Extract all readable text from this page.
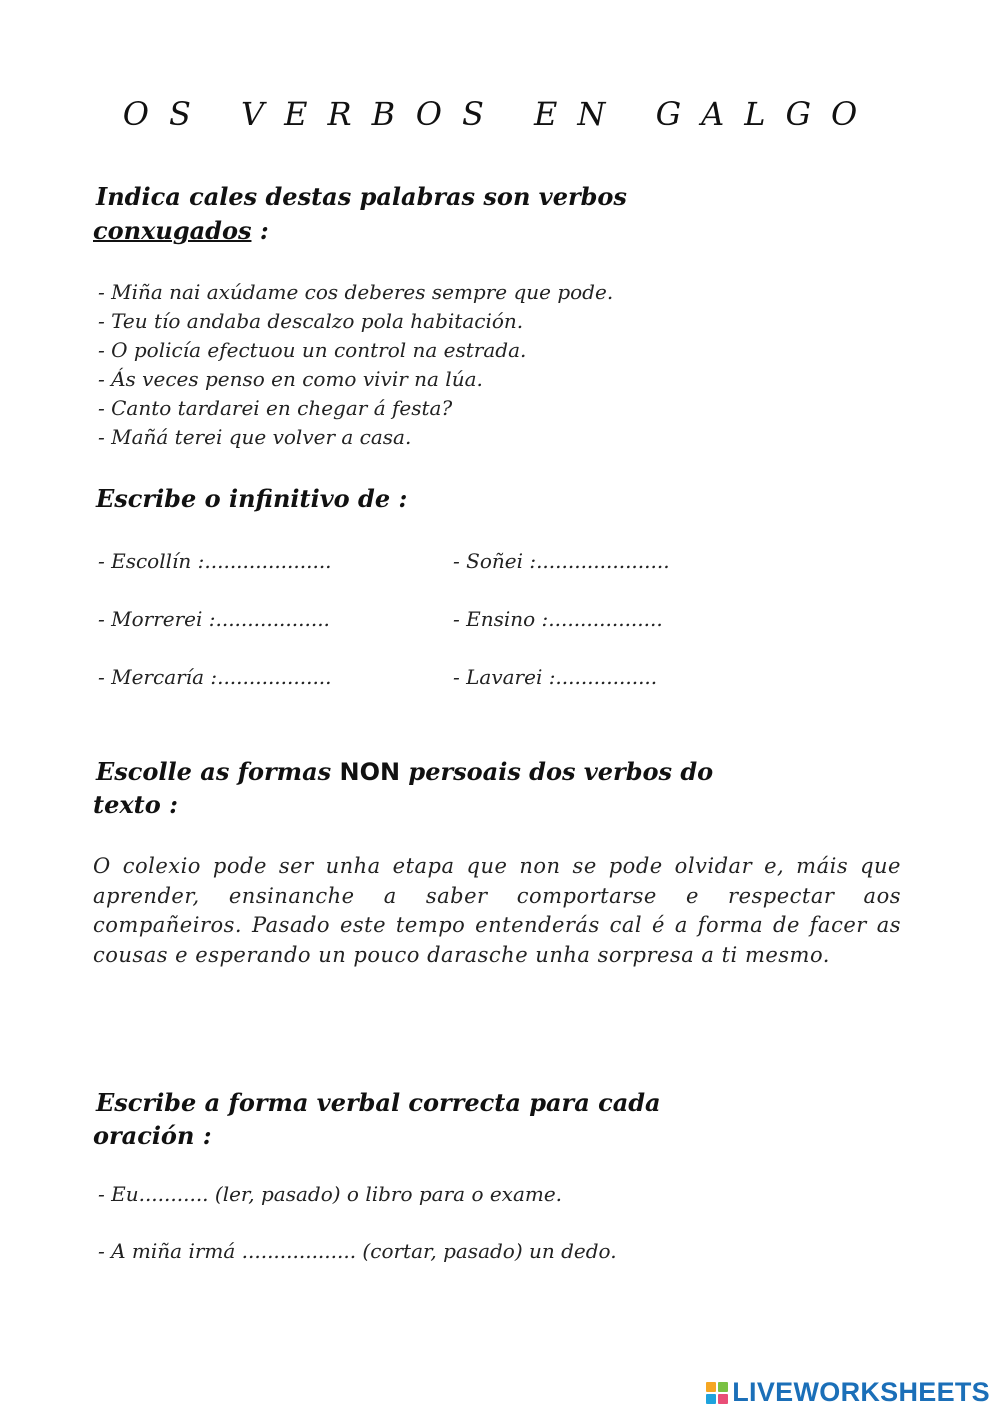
OS VERBOS EN GALGO
Indica cales destas palabras son verbos
conxugados :
- Miña nai axúdame cos deberes sempre que pode.
- Teu tío andaba descalzo pola habitación.
- O policía efectuou un control na estrada.
- Ás veces penso en como vivir na lúa.
- Canto tardarei en chegar á festa?
- Mañá terei que volver a casa.
Escribe o infinitivo de :
- Escollín :....................
- Morrerei :..................
- Mercaría :..................
- Soñei :.....................
- Ensino :..................
- Lavarei :................
Escolle as formas NON persoais dos verbos do
texto :
O colexio pode ser unha etapa que non se pode olvidar e, máis que aprender, ensinanche a saber comportarse e respectar aos compañeiros. Pasado este tempo entenderás cal é a forma de facer as cousas e esperando un pouco darasche unha sorpresa a ti mesmo.
Escribe a forma verbal correcta para cada
oración :
- Eu........... (ler, pasado) o libro para o exame.
- A miña irmá .................. (cortar, pasado) un dedo.
LIVEWORKSHEETS
